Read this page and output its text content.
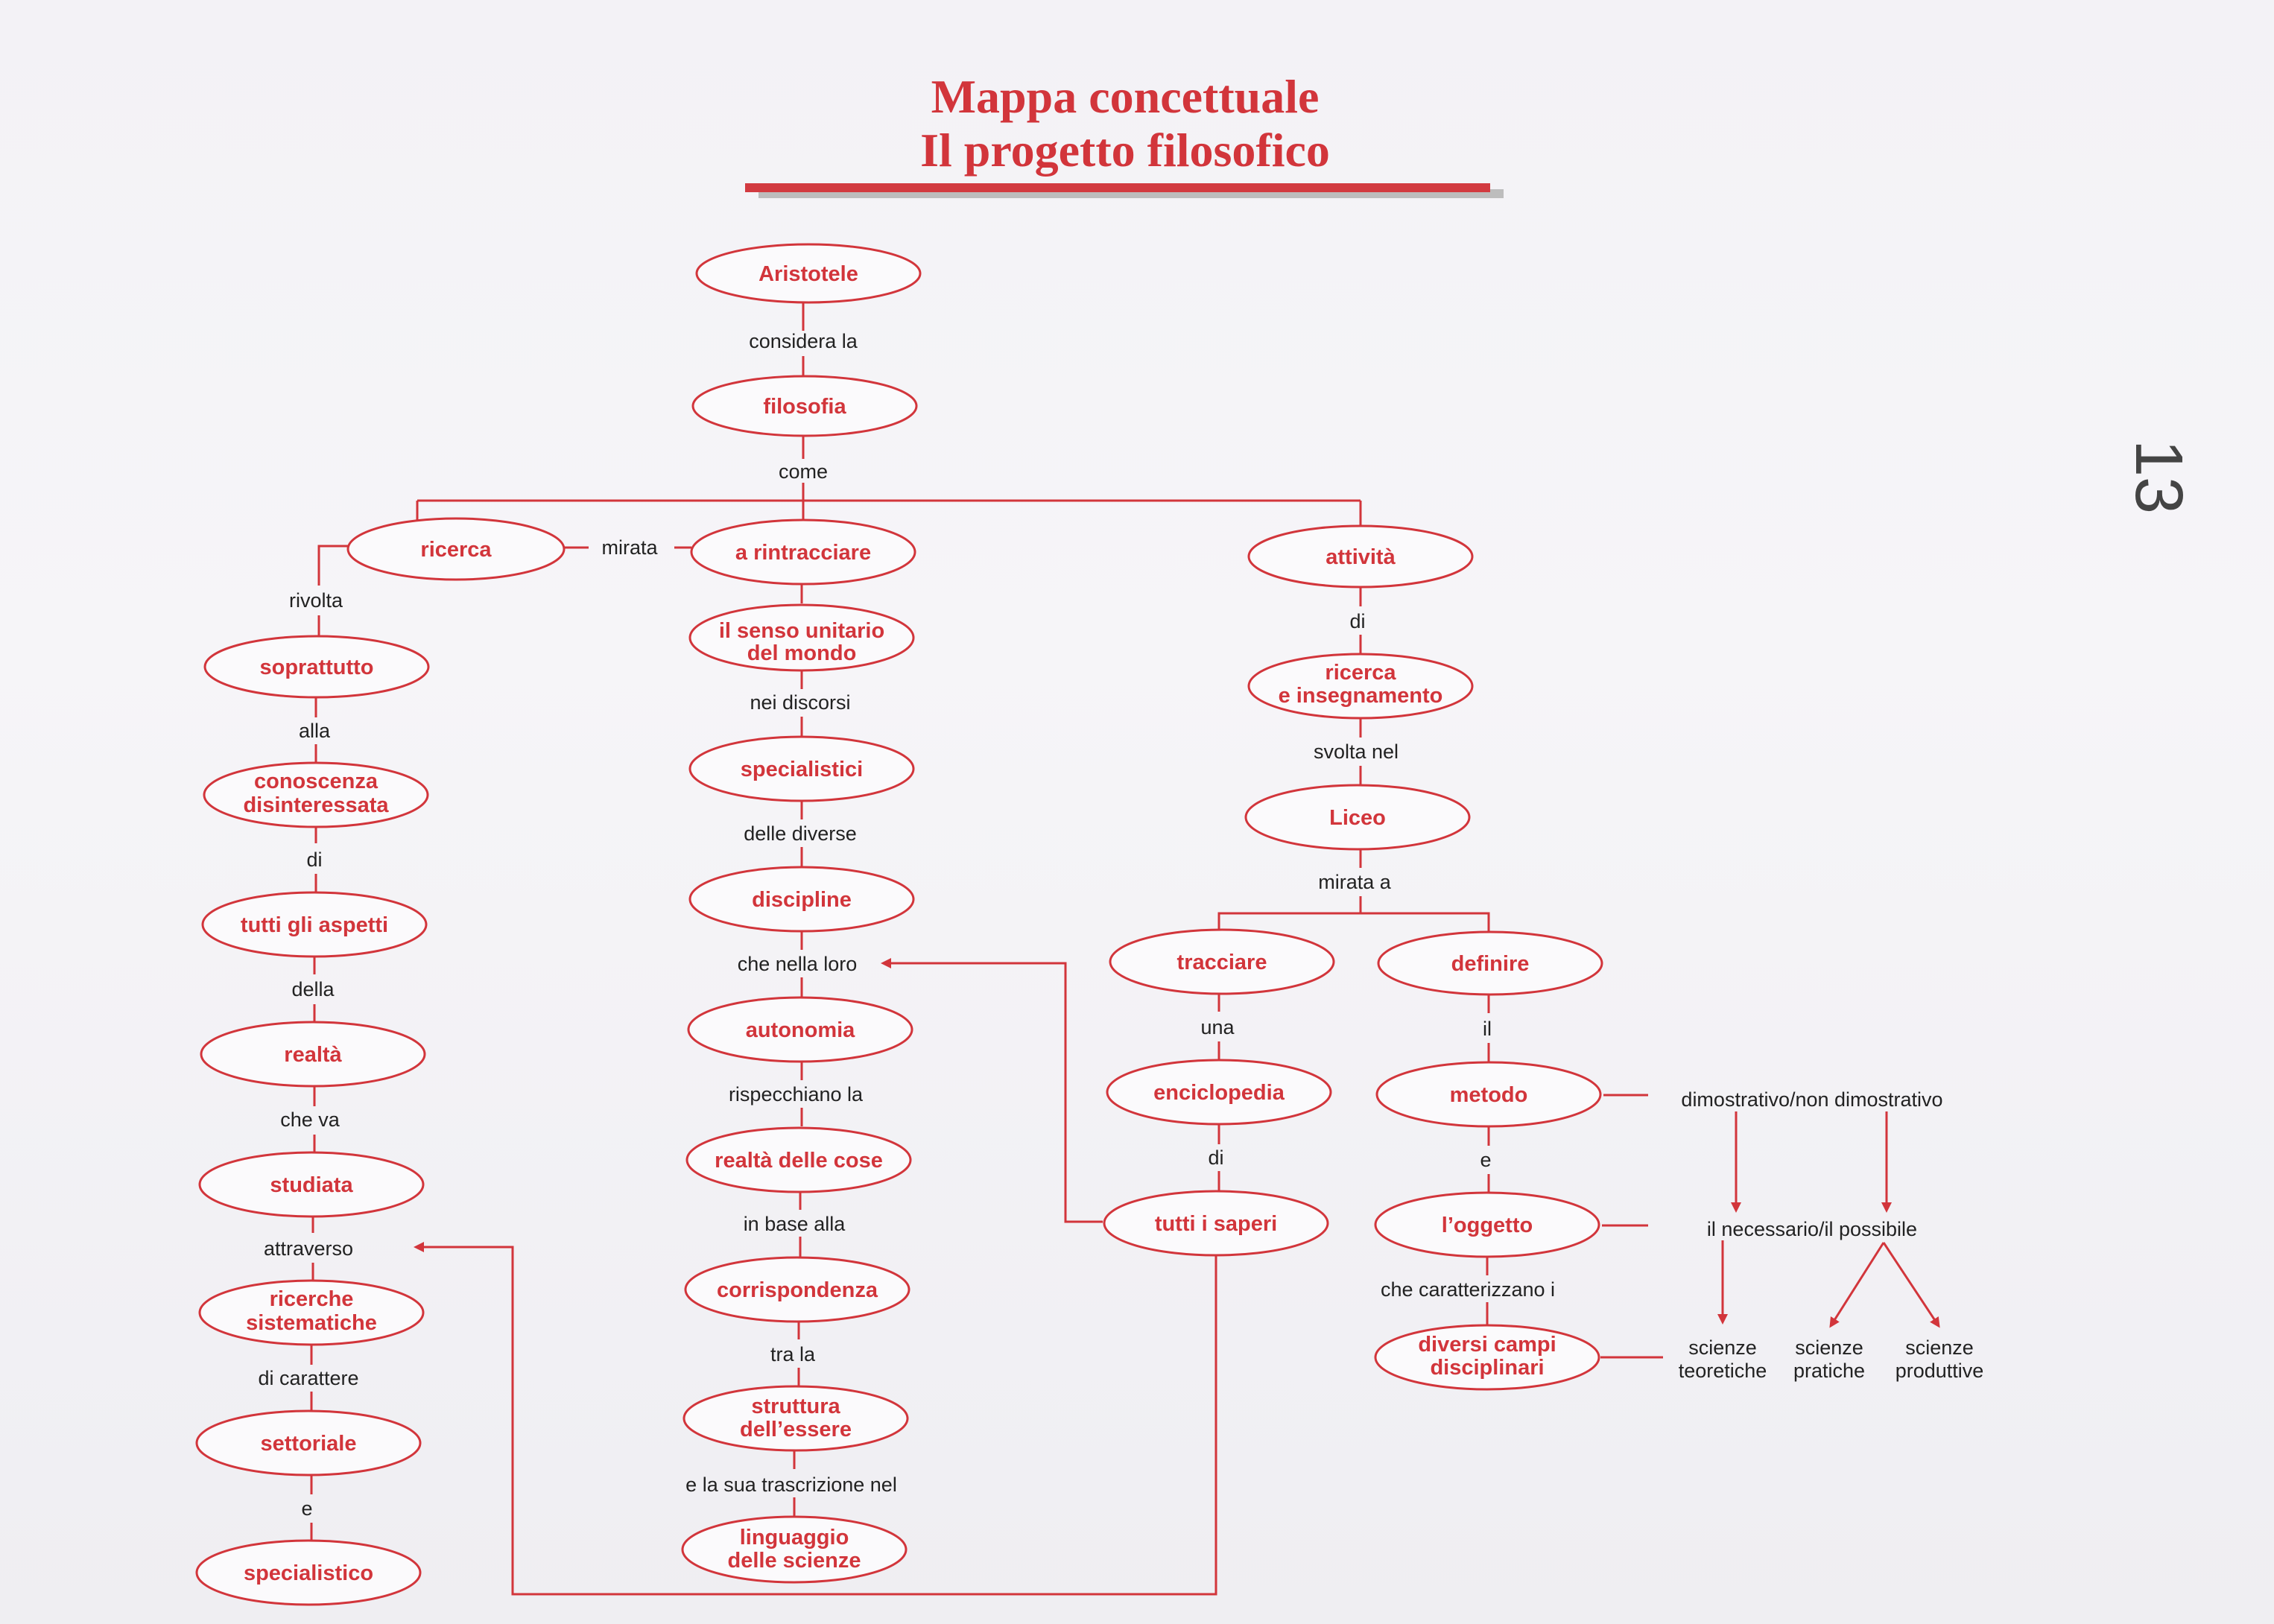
Mappa concettuale
Il progetto filosofico
13
Aristotele
filosofia
ricerca
soprattutto
conoscenza
disinteressata
tutti gli aspetti
realtà
studiata
ricerche
sistematiche
settoriale
specialistico
a rintracciare
il senso unitario
del mondo
specialistici
discipline
autonomia
realtà delle cose
corrispondenza
struttura
dell’essere
linguaggio
delle scienze
attività
ricerca
e insegnamento
Liceo
tracciare
enciclopedia
tutti i saperi
definire
metodo
l’oggetto
diversi campi
disciplinari
considera la
come
mirata
rivolta
alla
di
della
che va
attraverso
di carattere
e
nei discorsi
delle diverse
che nella loro
rispecchiano la
in base alla
tra la
e la sua trascrizione nel
di
svolta nel
mirata a
una
di
il
e
che caratterizzano i
dimostrativo/non dimostrativo
il necessario/il possibile
scienze
teoretiche
scienze
pratiche
scienze
produttive
